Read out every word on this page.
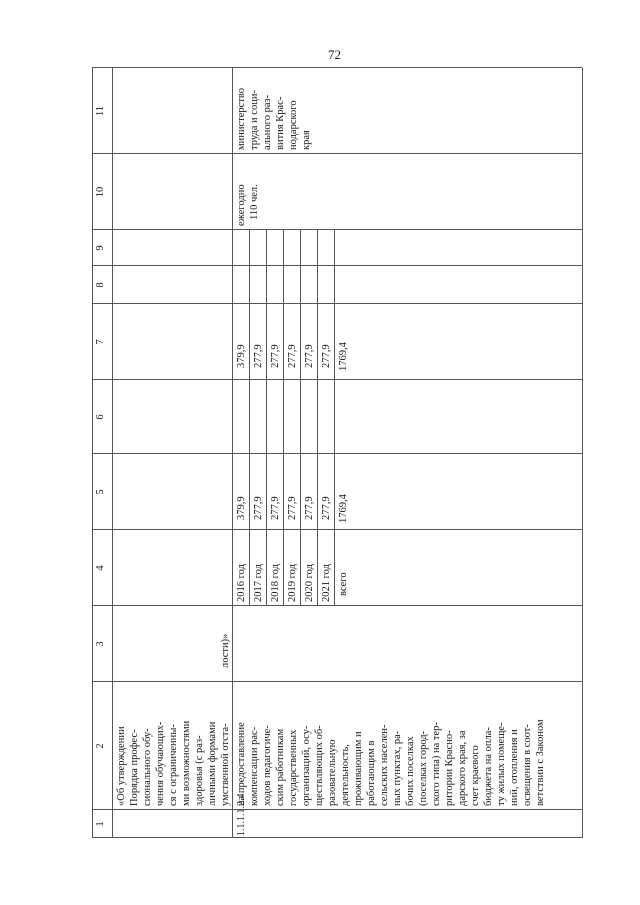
72
1
2
3
4
5
6
7
8
9
10
11
«Об утверждении Порядка профес- сионального обу- чения обучающих- ся с ограниченны- ми возможностями здоровья (с раз- личными формами умственной отста-
лости)»
1.1.1.1.2.4
на предоставление компенсации рас- ходов педагогиче- ским работникам государственных организаций, осу- ществляющих об- разовательную деятельность, проживающим и работающим в сельских населен- ных пунктах, ра- бочих поселках (поселках город- ского типа) на тер- ритории Красно- дарского края, за счет краевого бюджета на опла- ту жилых помеще- ний, отопления и освещения в соот- ветствии с Законом
2016 год 2017 год 2018 год 2019 год 2020 год 2021 год всего
379,9 277,9 277,9 277,9 277,9 277,9 1769,4
379,9 277,9 277,9 277,9 277,9 277,9 1769,4
ежегодно 110 чел.
министерство труда и соци- ального раз- вития Крас- нодарского края
